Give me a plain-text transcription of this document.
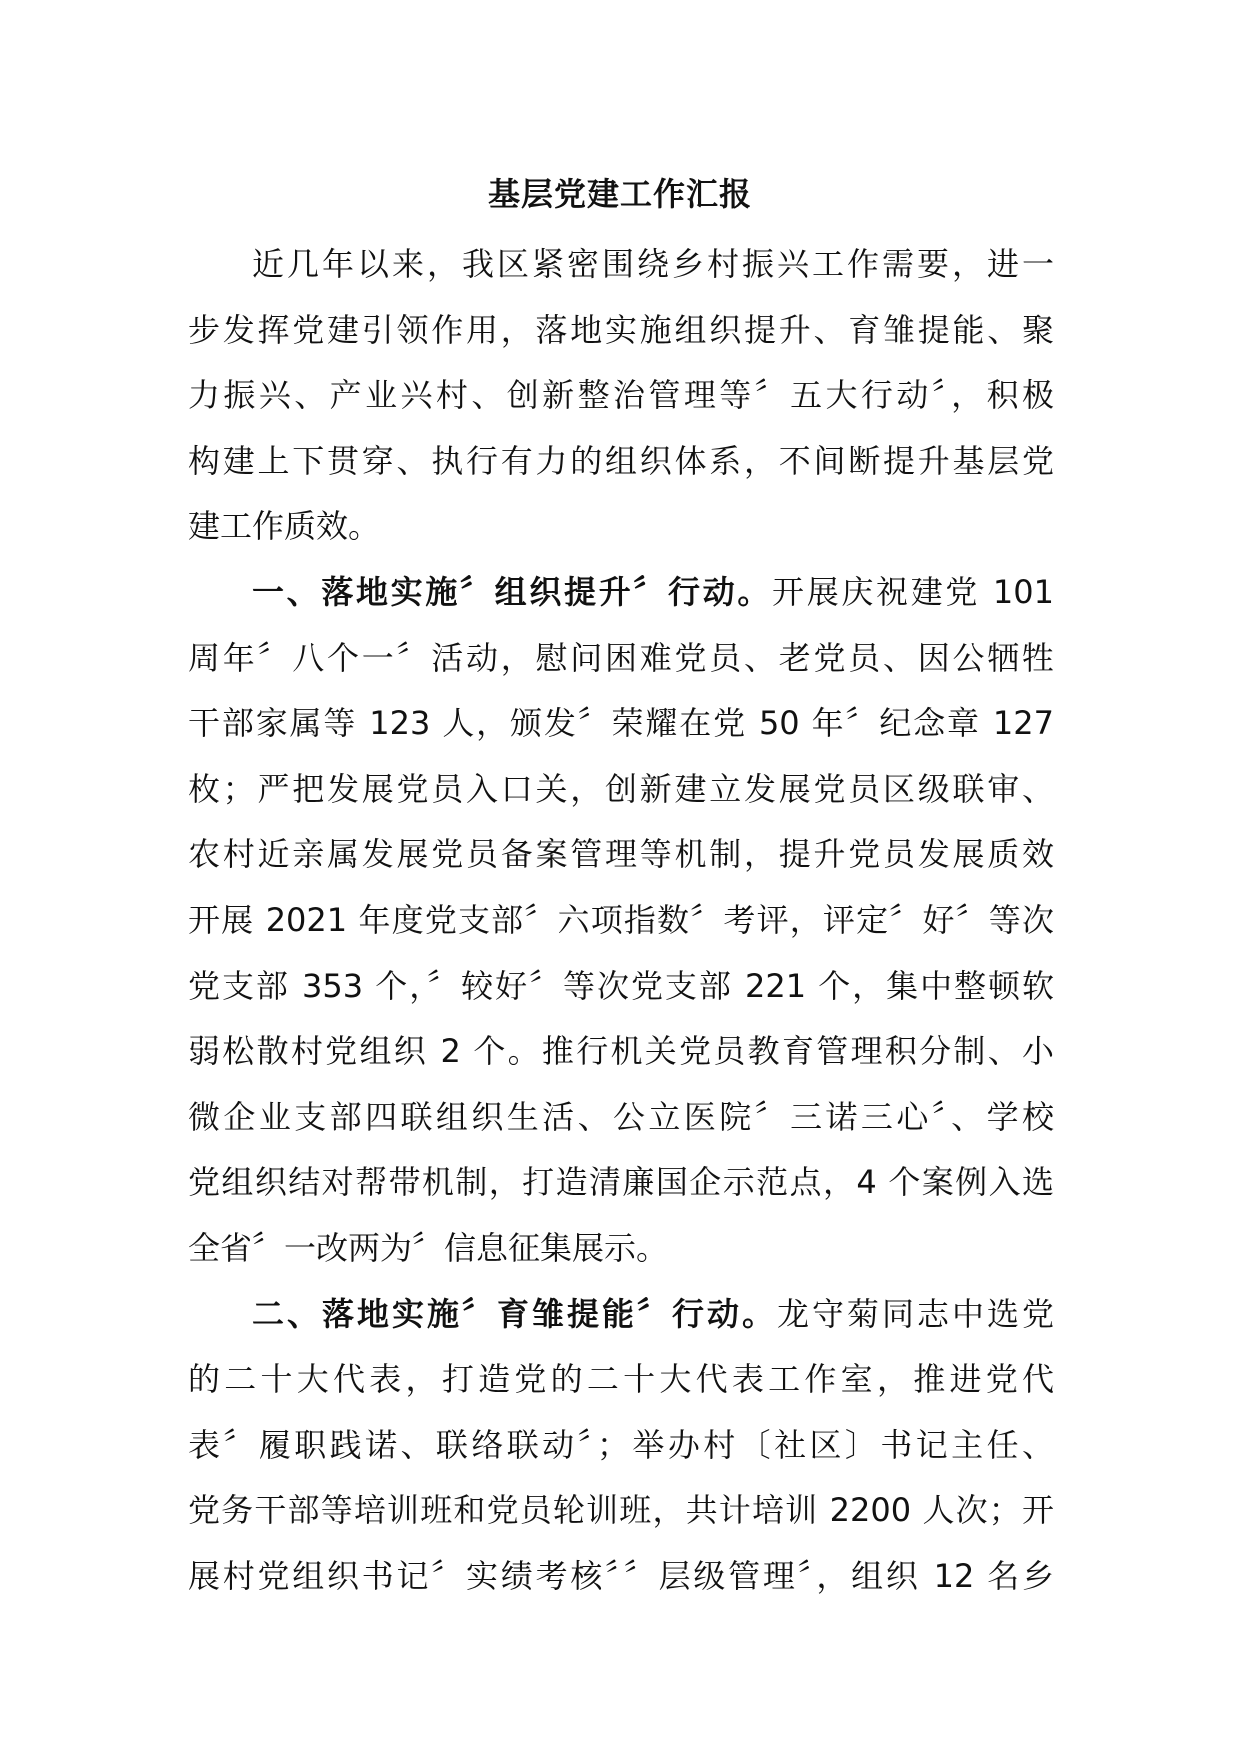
基层党建工作汇报
近几年以来，我区紧密围绕乡村振兴工作需要，进一
步发挥党建引领作用，落地实施组织提升、育雏提能、聚
力振兴、产业兴村、创新整治管理等〞五大行动〞，积极
构建上下贯穿、执行有力的组织体系，不间断提升基层党
建工作质效。
一、落地实施〞组织提升〞行动。开展庆祝建党 101
周年〞八个一〞活动，慰问困难党员、老党员、因公牺牲
干部家属等 123 人，颁发〞荣耀在党 50 年〞纪念章 127
枚；严把发展党员入口关，创新建立发展党员区级联审、
农村近亲属发展党员备案管理等机制，提升党员发展质效
开展 2021 年度党支部〞六项指数〞考评，评定〞好〞等次
党支部 353 个，〞较好〞等次党支部 221 个，集中整顿软
弱松散村党组织 2 个。推行机关党员教育管理积分制、小
微企业支部四联组织生活、公立医院〞三诺三心〞、学校
党组织结对帮带机制，打造清廉国企示范点，4 个案例入选
全省〞一改两为〞信息征集展示。
二、落地实施〞育雏提能〞行动。龙守菊同志中选党
的二十大代表，打造党的二十大代表工作室，推进党代
表〞履职践诺、联络联动〞；举办村〔社区〕书记主任、
党务干部等培训班和党员轮训班，共计培训 2200 人次；开
展村党组织书记〞实绩考核〞〞层级管理〞，组织 12 名乡
